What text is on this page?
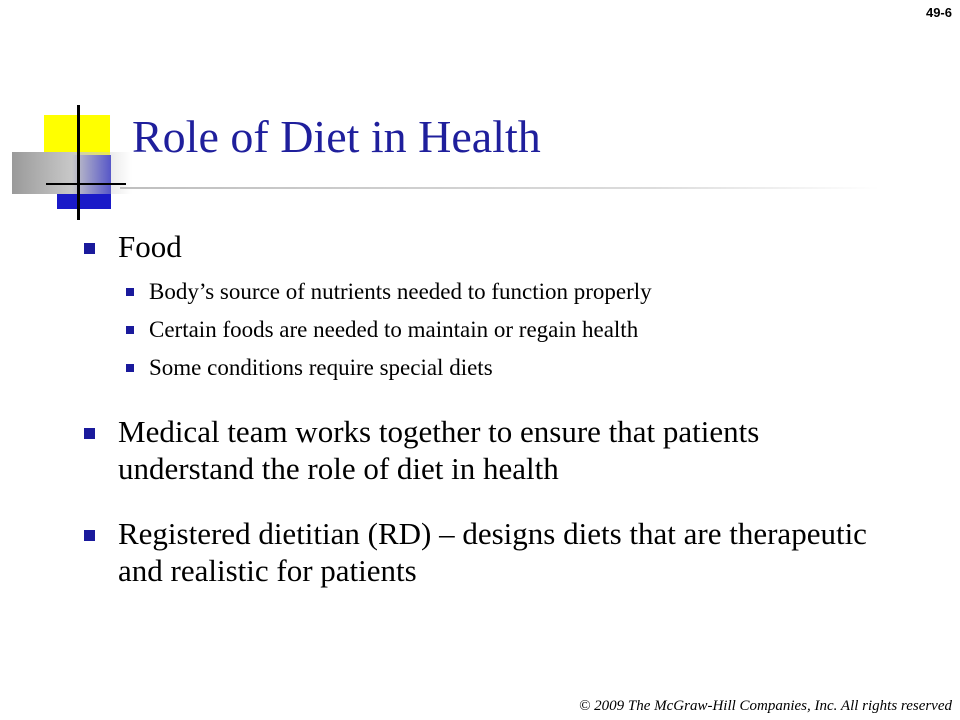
49-6
Role of Diet in Health
Food
Body’s source of nutrients needed to function properly
Certain foods are needed to maintain or regain health
Some conditions require special diets
Medical team works together to ensure that patients understand the role of diet in health
Registered dietitian (RD) – designs diets that are therapeutic and realistic for patients
© 2009 The McGraw-Hill Companies, Inc. All rights reserved
